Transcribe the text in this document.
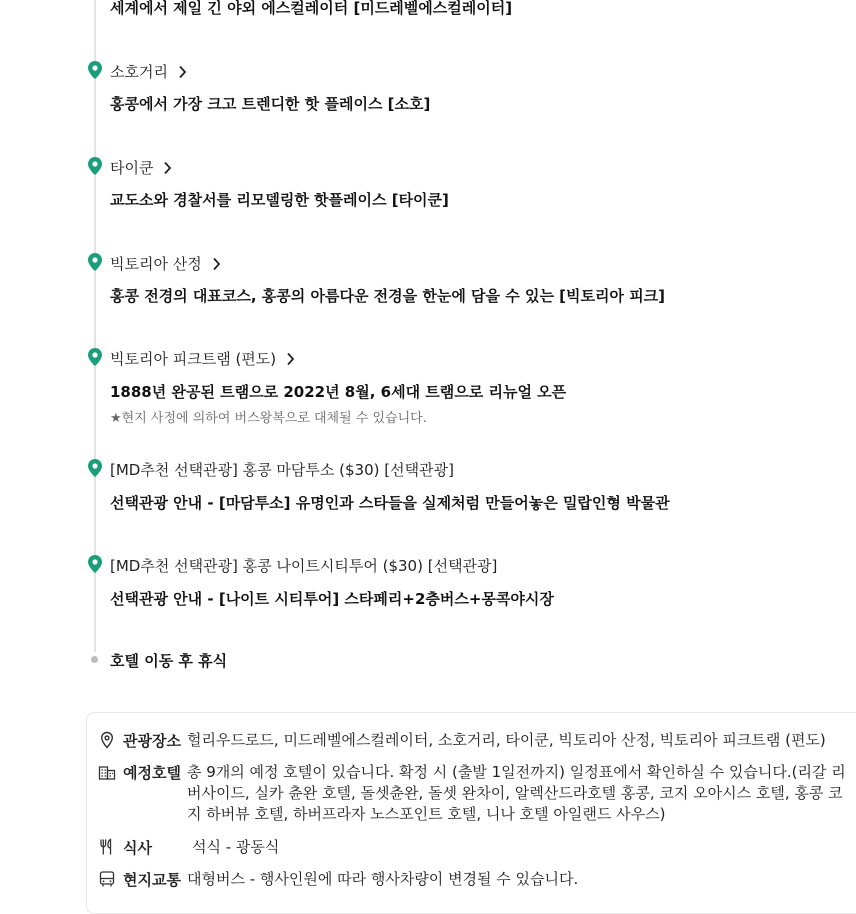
세계에서 제일 긴 야외 에스컬레이터 [미드레벨에스컬레이터]
소호거리
홍콩에서 가장 크고 트렌디한 핫 플레이스 [소호]
타이쿤
교도소와 경찰서를 리모델링한 핫플레이스 [타이쿤]
빅토리아 산정
홍콩 전경의 대표코스, 홍콩의 아름다운 전경을 한눈에 담을 수 있는 [빅토리아 피크]
빅토리아 피크트램 (편도)
1888년 완공된 트램으로 2022년 8월, 6세대 트램으로 리뉴얼 오픈
★현지 사정에 의하여 버스왕복으로 대체될 수 있습니다.
[MD추천 선택관광] 홍콩 마담투소 ($30) [선택관광]
선택관광 안내 - [마담투소] 유명인과 스타들을 실제처럼 만들어놓은 밀랍인형 박물관
[MD추천 선택관광] 홍콩 나이트시티투어 ($30) [선택관광]
선택관광 안내 - [나이트 시티투어] 스타페리+2층버스+몽콕야시장
호텔 이동 후 휴식
관광장소 헐리우드로드, 미드레벨에스컬레이터, 소호거리, 타이쿤, 빅토리아 산정, 빅토리아 피크트램 (편도)
예정호텔 총 9개의 예정 호텔이 있습니다. 확정 시 (출발 1일전까지) 일정표에서 확인하실 수 있습니다.(리갈 리버사이드, 실카 츈완 호텔, 돌셋츈완, 돌셋 완차이, 알렉산드라호텔 홍콩, 코지 오아시스 호텔, 홍콩 코지 하버뷰 호텔, 하버프라자 노스포인트 호텔, 니나 호텔 아일랜드 사우스)
식사	석식 - 광동식
현지교통 대형버스 - 행사인원에 따라 행사차량이 변경될 수 있습니다.
